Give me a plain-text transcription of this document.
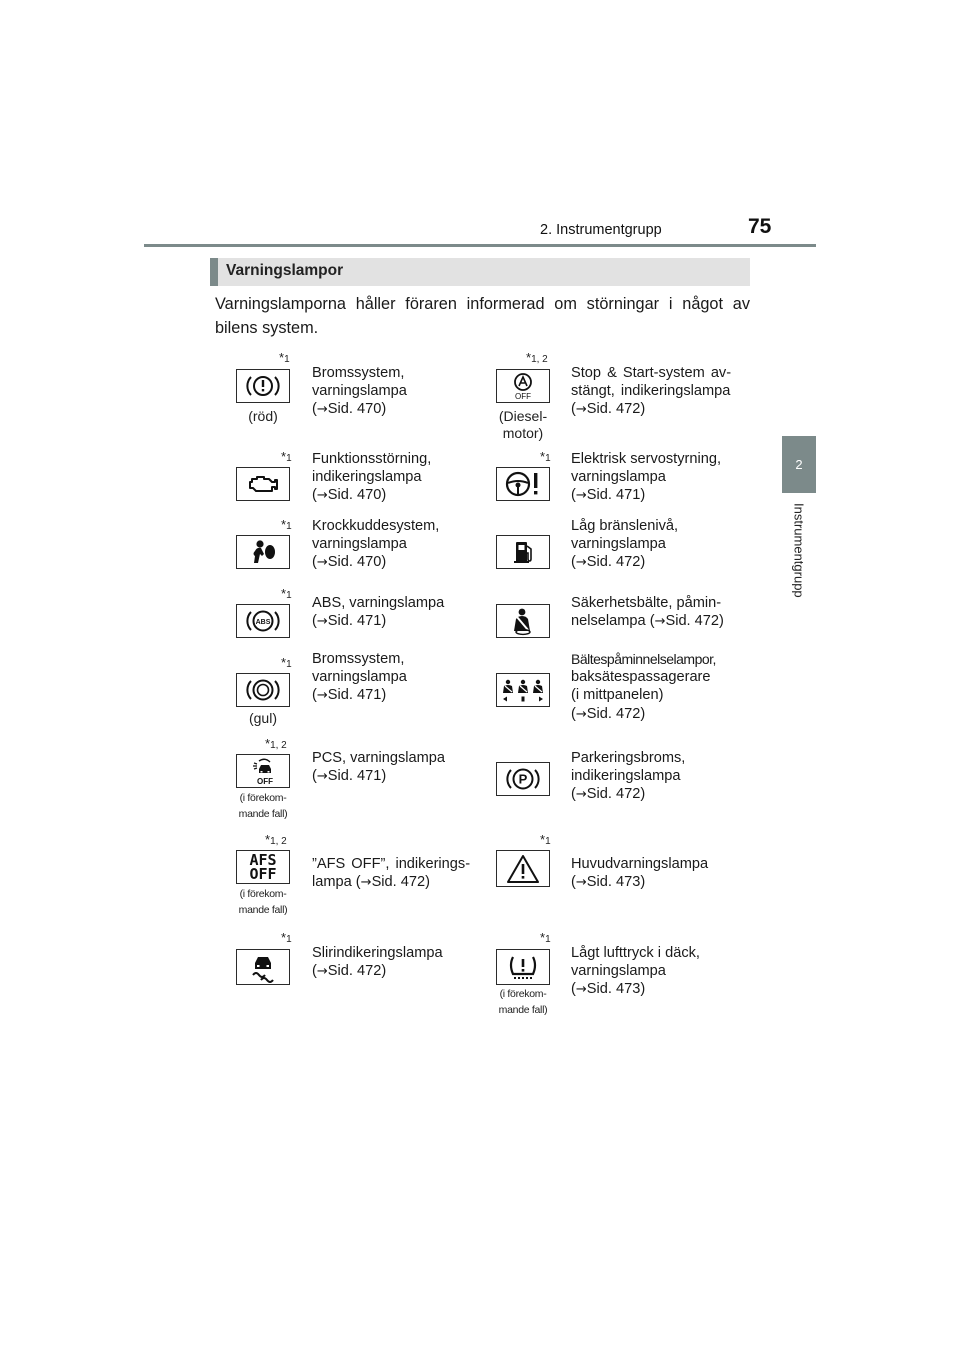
2. Instrumentgrupp	75
2
Instrumentgrupp
Varningslampor
Varningslamporna håller föraren informerad om störningar i något av bilens system.
*1
(röd)
Bromssystem,
varningslampa
(→Sid. 470)
*1, 2
OFF
(Diesel-
motor)
Stop & Start-system av-
stängt, indikeringslampa
(→Sid. 472)
*1 Funktionsstörning,
indikeringslampa
(→Sid. 470)
*1 Elektrisk servostyrning,
varningslampa
(→Sid. 471)
*1 Krockkuddesystem,
varningslampa
(→Sid. 470)
Låg bränslenivå,
varningslampa
(→Sid. 472)
*1
ABS
ABS, varningslampa
(→Sid. 471)
Säkerhetsbälte, påmin-
nelselampa (→Sid. 472)
*1
(gul)
Bromssystem,
varningslampa
(→Sid. 471)
Bältespåminnelselampor,
baksätespassagerare
(i mittpanelen)
(→Sid. 472)
*1, 2
OFF
(i förekom-
mande fall)
PCS, varningslampa
(→Sid. 471)	P
Parkeringsbroms,
indikeringslampa
(→Sid. 472)
*1, 2
AFS
OFF
(i förekom-
mande fall)
”AFS OFF”, indikerings-
lampa (→Sid. 472)
*1
Huvudvarningslampa
(→Sid. 473)
*1
Slirindikeringslampa
(→Sid. 472)
*1
(i förekom-
mande fall)
Lågt lufttryck i däck,
varningslampa
(→Sid. 473)
